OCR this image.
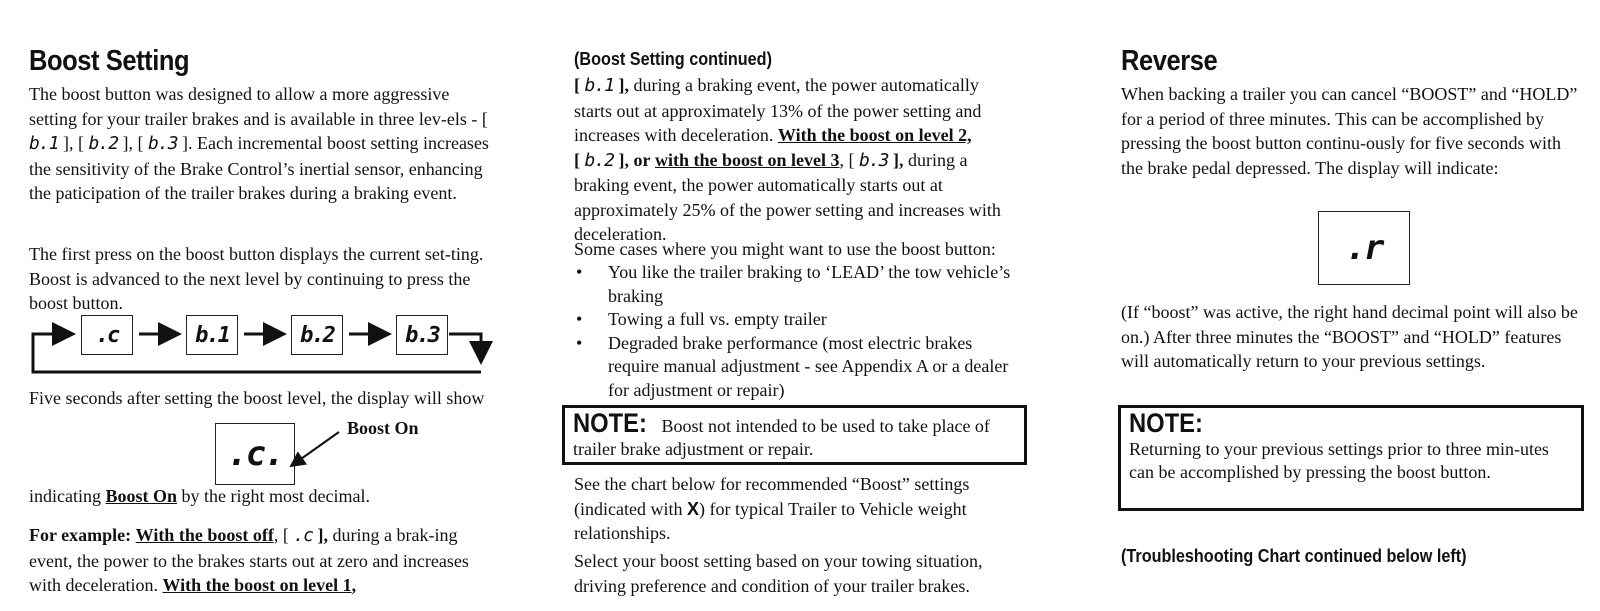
Boost Setting

The boost button was designed to allow a more aggressive setting for your trailer brakes and is available in three lev-els - [ b.1 ], [ b.2 ], [ b.3 ]. Each incremental boost setting increases the sensitivity of the Brake Control’s inertial sensor, enhancing the paticipation of the trailer brakes during a braking event.

The first press on the boost button displays the current set-ting. Boost is advanced to the next level by continuing to press the boost button.

.c	b.1	b.2	b.3

Five seconds after setting the boost level, the display will show

.c.
Boost On

indicating Boost On by the right most decimal.

For example: With the boost off, [ .c ], during a brak-ing event, the power to the brakes starts out at zero and increases with deceleration. With the boost on level 1,

(Boost Setting continued)

[ b.1 ], during a braking event, the power automatically starts out at approximately 13% of the power setting and increases with deceleration. With the boost on level 2,
[ b.2 ], or with the boost on level 3, [ b.3 ], during a braking event, the power automatically starts out at approximately 25% of the power setting and increases with deceleration.

Some cases where you might want to use the boost button:

• You like the trailer braking to ‘LEAD’ the tow vehicle’s braking
• Towing a full vs. empty trailer
• Degraded brake performance (most electric brakes require manual adjustment - see Appendix A or a dealer for adjustment or repair)
NOTE: Boost not intended to be used to take place of trailer brake adjustment or repair.

See the chart below for recommended “Boost” settings (indicated with X) for typical Trailer to Vehicle weight relationships.

Select your boost setting based on your towing situation, driving preference and condition of your trailer brakes.

Reverse

When backing a trailer you can cancel “BOOST” and “HOLD” for a period of three minutes. This can be accomplished by pressing the boost button continu-ously for five seconds with the brake pedal depressed. The display will indicate:

.r

(If “boost” was active, the right hand decimal point will also be on.) After three minutes the “BOOST” and “HOLD” features will automatically return to your previous settings.

NOTE:
Returning to your previous settings prior to three min-utes can be accomplished by pressing the boost button.
(Troubleshooting Chart continued below left)
